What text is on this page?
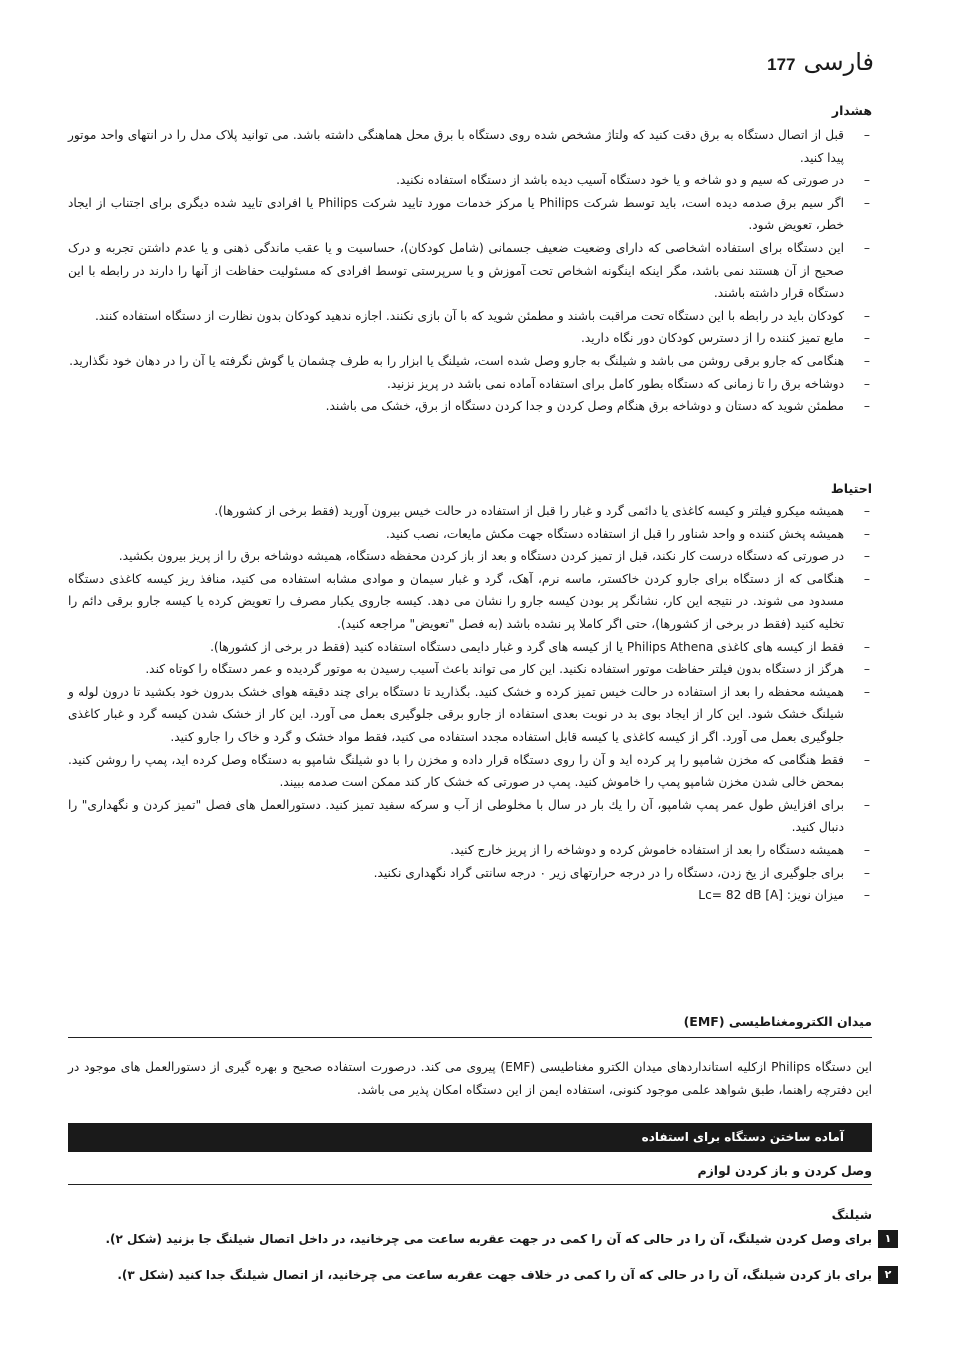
177 فارسی
هشدار
– قبل از اتصال دستگاه به برق دقت کنید که ولتاژ مشخص شده روی دستگاه با برق محل هماهنگی داشته باشد. می توانید پلاک مدل را در انتهای واحد موتور پیدا کنید.
– در صورتی که سیم و دو شاخه و یا خود دستگاه آسیب دیده باشد از دستگاه استفاده نکنید.
– اگر سیم برق صدمه دیده است، باید توسط شرکت Philips یا مرکز خدمات مورد تایید شرکت Philips یا افرادی تایید شده دیگری برای اجتناب از ایجاد خطر، تعویض شود.
– این دستگاه برای استفاده اشخاصی که دارای وضعیت ضعیف جسمانی (شامل کودکان)، حساسیت و یا عقب ماندگی ذهنی و یا عدم داشتن تجربه و درک صحیح از آن هستند نمی باشد، مگر اینکه اینگونه اشخاص تحت آموزش و یا سرپرستی توسط افرادی که مسئولیت حفاظت از آنها را دارند در رابطه با این دستگاه قرار داشته باشند.
– کودکان باید در رابطه با این دستگاه تحت مراقبت باشند و مطمئن شوید که با آن بازی نکنند. اجازه ندهید کودکان بدون نظارت از دستگاه استفاده کنند.
– مایع تمیز کننده را از دسترس کودکان دور نگاه دارید.
– هنگامی که جارو برقی روشن می باشد و شیلنگ به جارو وصل شده است، شیلنگ یا ابزار را به طرف چشمان یا گوش نگرفته یا آن را در دهان خود نگذارید.
– دوشاخه برق را تا زمانی که دستگاه بطور کامل برای استفاده آماده نمی باشد در پریز نزنید.
– مطمئن شوید که دستان و دوشاخه برق هنگام وصل کردن و جدا کردن دستگاه از برق، خشک می باشند.
احتیاط
– همیشه میکرو فیلتر و کیسه کاغذی یا دائمی گرد و غبار را قبل از استفاده در حالت خیس بیرون آورید (فقط برخی از کشورها).
– همیشه پخش کننده و واحد شناور را قبل از استفاده دستگاه جهت مکش مایعات، نصب کنید.
– در صورتی که دستگاه درست کار نکند، قبل از تمیز کردن دستگاه و بعد از باز کردن محفظه دستگاه، همیشه دوشاخه برق را از پریز بیرون بکشید.
– هنگامی که از دستگاه برای جارو کردن خاکستر، ماسه نرم، آهک، گرد و غبار سیمان و موادی مشابه استفاده می کنید، منافذ ریز کیسه کاغذی دستگاه مسدود می شوند. در نتیجه این کار، نشانگر پر بودن کیسه جارو را نشان می دهد. کیسه جاروی یکبار مصرف را تعویض کرده یا کیسه جارو برقی دائم را تخلیه کنید (فقط در برخی از کشورها)، حتی اگر کاملا پر نشده باشد (به فصل "تعویض" مراجعه کنید).
– فقط از کیسه های کاغذی Philips Athena یا از کیسه های گرد و غبار دایمی دستگاه استفاده کنید (فقط در برخی از کشورها).
– هرگز از دستگاه بدون فیلتر حفاظت موتور استفاده نکنید. این کار می تواند باعث آسیب رسیدن به موتور گردیده و عمر دستگاه را کوتاه کند.
– همیشه محفظه را بعد از استفاده در حالت خیس تمیز کرده و خشک کنید. بگذارید تا دستگاه برای چند دقیقه هوای خشک بدرون خود بکشید تا درون لوله و شیلنگ خشک شود. این کار از ایجاد بوی بد در نوبت بعدی استفاده از جارو برقی جلوگیری بعمل می آورد. این کار از خشک شدن کیسه گرد و غبار کاغذی جلوگیری بعمل می آورد. اگر از کیسه کاغذی یا کیسه قابل استفاده مجدد استفاده می کنید، فقط مواد خشک و گرد و خاک را جارو کنید.
– فقط هنگامی که مخزن شامپو را پر کرده اید و آن را روی دستگاه قرار داده و مخزن را با دو شیلنگ شامپو به دستگاه وصل کرده اید، پمپ را روشن کنید. بمحض خالی شدن مخزن شامپو پمپ را خاموش کنید. پمپ در صورتی که خشک کار کند ممکن است صدمه ببیند.
– برای افزایش طول عمر پمپ شامپو، آن را یك بار در سال با مخلوطی از آب و سرکه سفید تمیز کنید. دستورالعمل های فصل "تمیز کردن و نگهداری" را دنبال کنید.
– همیشه دستگاه را بعد از استفاده خاموش کرده و دوشاخه را از پریز خارج کنید.
– برای جلوگیری از یخ زدن، دستگاه را در درجه حرارتهای زیر ۰ درجه سانتی گراد نگهداری نکنید.
– میزان نویز: Lc= 82 dB [A]
میدان الکترومغناطیسی (EMF)
این دستگاه Philips ازکلیه استانداردهای میدان الکترو مغناطیسی (EMF) پیروی می کند. درصورت استفاده صحیح و بهره گیری از دستورالعمل های موجود در این دفترچه راهنما، طبق شواهد علمی موجود کنونی، استفاده ایمن از این دستگاه امکان پذیر می باشد.
آماده ساختن دستگاه برای استفاده
وصل کردن و باز کردن لوازم
شیلنگ
۱
برای وصل کردن شیلنگ، آن را در حالی که آن را کمی در جهت عقربه ساعت می چرخانید، در داخل اتصال شیلنگ جا بزنید (شکل ۲).
۲
برای باز کردن شیلنگ، آن را در حالی که آن را کمی در خلاف جهت عقربه ساعت می چرخانید، از اتصال شیلنگ جدا کنید (شکل ۳).
